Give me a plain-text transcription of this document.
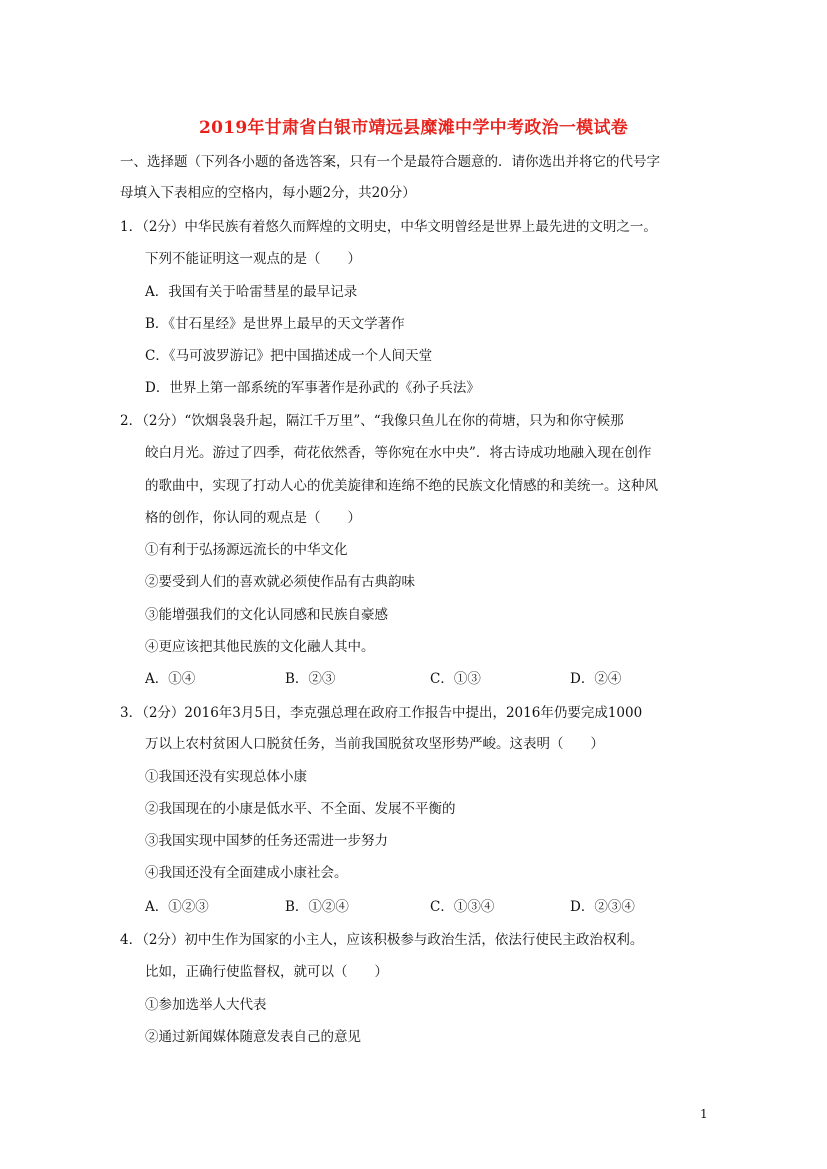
2019年甘肃省白银市靖远县糜滩中学中考政治一模试卷
一、选择题（下列各小题的备选答案，只有一个是最符合题意的．请你选出并将它的代号字
母填入下表相应的空格内，每小题2分，共20分）
1．（2分）中华民族有着悠久而辉煌的文明史，中华文明曾经是世界上最先进的文明之一。
下列不能证明这一观点的是（　　）
A．我国有关于哈雷彗星的最早记录
B．《甘石星经》是世界上最早的天文学著作
C．《马可波罗游记》把中国描述成一个人间天堂
D．世界上第一部系统的军事著作是孙武的《孙子兵法》
2．（2分）“饮烟袅袅升起，隔江千万里”、“我像只鱼儿在你的荷塘，只为和你守候那
皎白月光。游过了四季，荷花依然香，等你宛在水中央”．将古诗成功地融入现在创作
的歌曲中，实现了打动人心的优美旋律和连绵不绝的民族文化情感的和美统一。这种风
格的创作，你认同的观点是（　　）
①有利于弘扬源远流长的中华文化
②要受到人们的喜欢就必须使作品有古典韵味
③能增强我们的文化认同感和民族自豪感
④更应该把其他民族的文化融人其中。
A．①④	B．②③	C．①③	D．②④
3．（2分）2016年3月5日，李克强总理在政府工作报告中提出，2016年仍要完成1000
万以上农村贫困人口脱贫任务，当前我国脱贫攻坚形势严峻。这表明（　　）
①我国还没有实现总体小康
②我国现在的小康是低水平、不全面、发展不平衡的
③我国实现中国梦的任务还需进一步努力
④我国还没有全面建成小康社会。
A．①②③	B．①②④	C．①③④	D．②③④
4．（2分）初中生作为国家的小主人，应该积极参与政治生活，依法行使民主政治权利。
比如，正确行使监督权，就可以（　　）
①参加选举人大代表
②通过新闻媒体随意发表自己的意见
1
